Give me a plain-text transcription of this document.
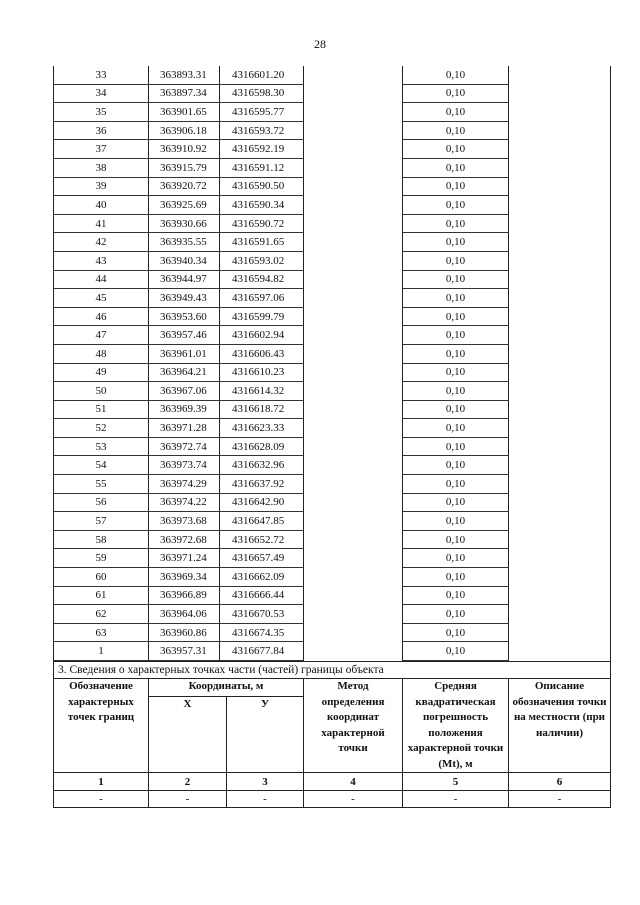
28
33	363893.31	4316601.20		0,10	
34	363897.34	4316598.30		0,10	
35	363901.65	4316595.77		0,10	
36	363906.18	4316593.72		0,10	
37	363910.92	4316592.19		0,10	
38	363915.79	4316591.12		0,10	
39	363920.72	4316590.50		0,10	
40	363925.69	4316590.34		0,10	
41	363930.66	4316590.72		0,10	
42	363935.55	4316591.65		0,10	
43	363940.34	4316593.02		0,10	
44	363944.97	4316594.82		0,10	
45	363949.43	4316597.06		0,10	
46	363953.60	4316599.79		0,10	
47	363957.46	4316602.94		0,10	
48	363961.01	4316606.43		0,10	
49	363964.21	4316610.23		0,10	
50	363967.06	4316614.32		0,10	
51	363969.39	4316618.72		0,10	
52	363971.28	4316623.33		0,10	
53	363972.74	4316628.09		0,10	
54	363973.74	4316632.96		0,10	
55	363974.29	4316637.92		0,10	
56	363974.22	4316642.90		0,10	
57	363973.68	4316647.85		0,10	
58	363972.68	4316652.72		0,10	
59	363971.24	4316657.49		0,10	
60	363969.34	4316662.09		0,10	
61	363966.89	4316666.44		0,10	
62	363964.06	4316670.53		0,10	
63	363960.86	4316674.35		0,10	
1	363957.31	4316677.84		0,10	
3. Сведения о характерных точках части (частей) границы объекта					
Обозначение характерных точек границ	Координаты, м		Метод определения координат характерной точки	Средняя квадратическая погрешность положения характерной точки (Mt), м	Описание обозначения точки на местности (при наличии)
	X	У			
1	2	3	4	5	6
-	-	-	-	-	-
